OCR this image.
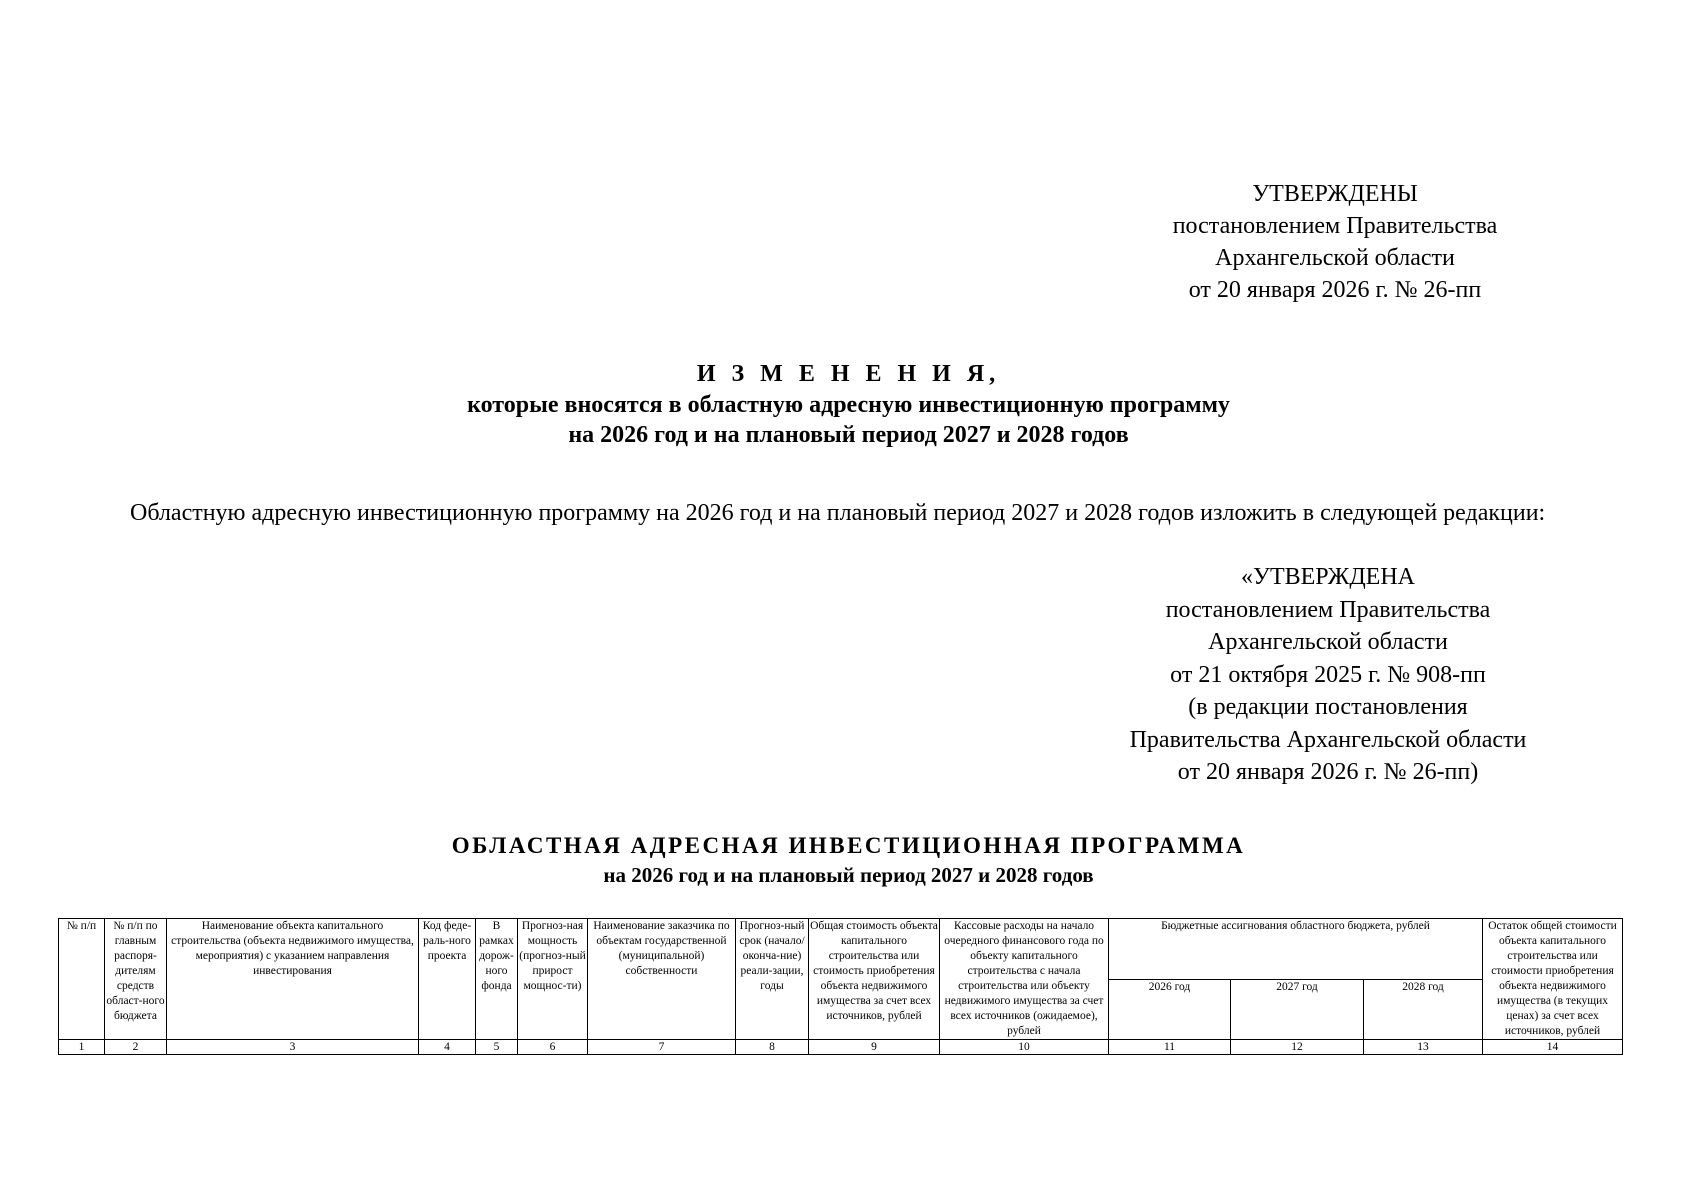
УТВЕРЖДЕНЫ
постановлением Правительства
Архангельской области
от 20 января 2026 г. № 26-пп
И З М Е Н Е Н И Я,
которые вносятся в областную адресную инвестиционную программу
на 2026 год и на плановый период 2027 и 2028 годов
Областную адресную инвестиционную программу на 2026 год и на плановый период 2027 и 2028 годов изложить в следующей редакции:
«УТВЕРЖДЕНА
постановлением Правительства
Архангельской области
от 21 октября 2025 г. № 908-пп
(в редакции постановления
Правительства Архангельской области
от 20 января 2026 г. № 26-пп)
ОБЛАСТНАЯ АДРЕСНАЯ ИНВЕСТИЦИОННАЯ ПРОГРАММА
на 2026 год и на плановый период 2027 и 2028 годов
№ п/п	№ п/п по главным распоря-дителям средств област-ного бюджета	Наименование объекта капитального строительства (объекта недвижимого имущества, мероприятия) с указанием направления инвестирования	Код феде-раль-ного проекта	В рамках дорож-ного фонда	Прогноз-ная мощность (прогноз-ный прирост мощнос-ти)	Наименование заказчика по объектам государственной (муниципальной) собственности	Прогноз-ный срок (начало/ оконча-ние) реали-зации, годы	Общая стоимость объекта капитального строительства или стоимость приобретения объекта недвижимого имущества за счет всех источников, рублей	Кассовые расходы на начало очередного финансового года по объекту капитального строительства с начала строительства или объекту недвижимого имущества за счет всех источников (ожидаемое), рублей	Бюджетные ассигнования областного бюджета, рублей			Остаток общей стоимости объекта капитального строительства или стоимости приобретения объекта недвижимого имущества (в текущих ценах) за счет всех источников, рублей
										2026 год	2027 год	2028 год	
1	2	3	4	5	6	7	8	9	10	11	12	13	14
